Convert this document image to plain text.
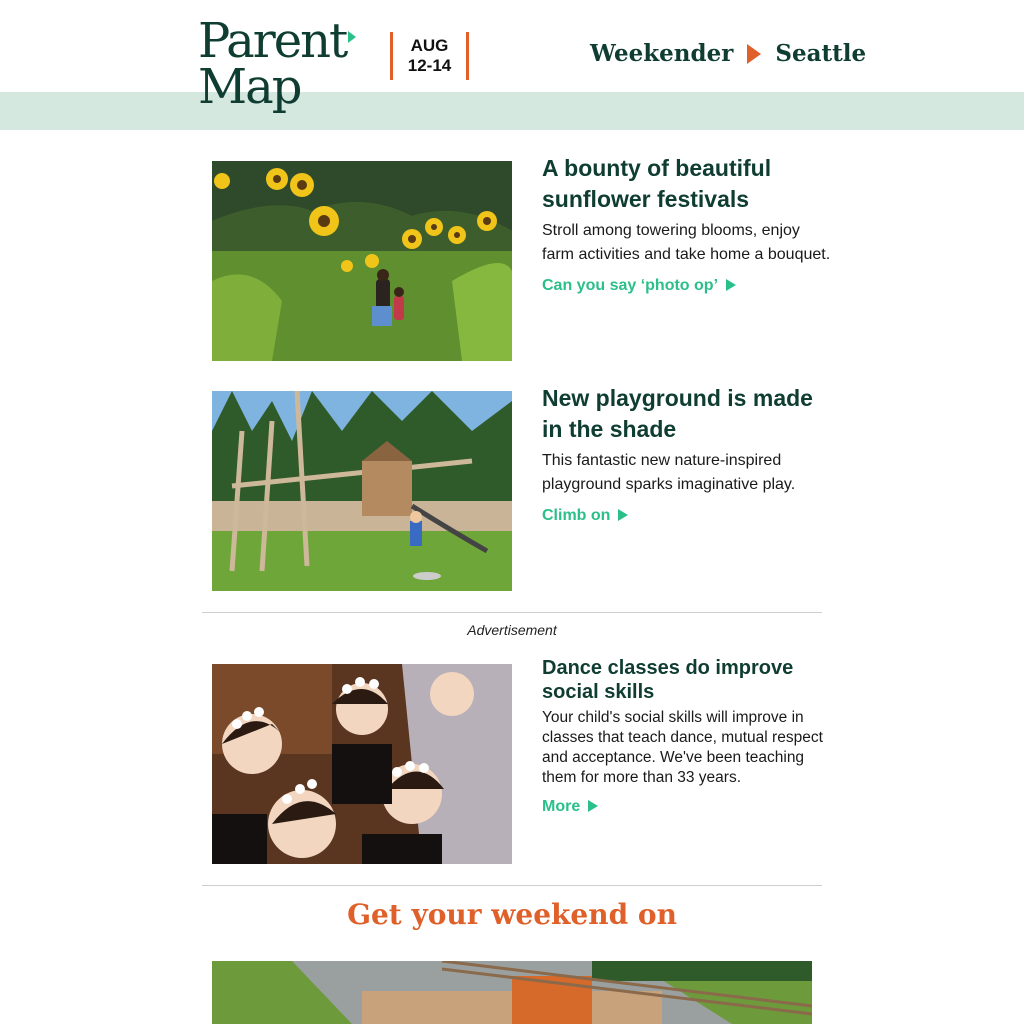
Parent
Map
AUG
12-14	Weekender Seattle
A bounty of beautiful sunflower festivals

Stroll among towering blooms, enjoy farm activities and take home a bouquet.

Can you say ‘photo op’
New playground is made in the shade

This fantastic new nature-inspired playground sparks imaginative play.

Climb on
Advertisement
Dance classes do improve social skills

Your child's social skills will improve in classes that teach dance, mutual respect and acceptance. We've been teaching them for more than 33 years.

More
Get your weekend on
